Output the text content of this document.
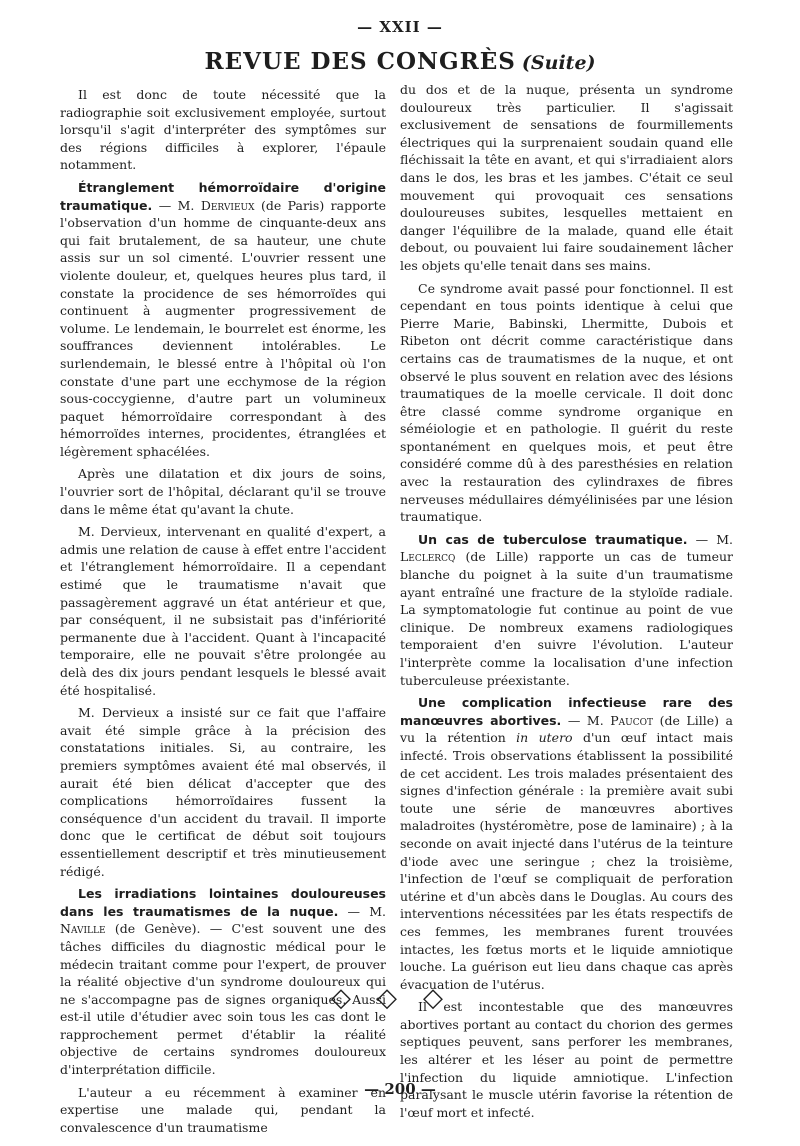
— XXII —
REVUE DES CONGRÈS (Suite)

Il est donc de toute nécessité que la radiographie soit exclusivement employée, surtout lorsqu'il s'agit d'interpréter des symptômes sur des régions difficiles à explorer, l'épaule notamment.

Étranglement hémorroïdaire d'origine traumatique. — M. Dervieux (de Paris) rapporte l'observation d'un homme de cinquante-deux ans qui fait brutalement, de sa hauteur, une chute assis sur un sol cimenté. L'ouvrier ressent une violente douleur, et, quelques heures plus tard, il constate la procidence de ses hémorroïdes qui continuent à augmenter progressivement de volume. Le lendemain, le bourrelet est énorme, les souffrances deviennent intolérables. Le surlendemain, le blessé entre à l'hôpital où l'on constate d'une part une ecchymose de la région sous-coccygienne, d'autre part un volumineux paquet hémorroïdaire correspondant à des hémorroïdes internes, procidentes, étranglées et légèrement sphacélées.

Après une dilatation et dix jours de soins, l'ouvrier sort de l'hôpital, déclarant qu'il se trouve dans le même état qu'avant la chute.

M. Dervieux, intervenant en qualité d'expert, a admis une relation de cause à effet entre l'accident et l'étranglement hémorroïdaire. Il a cependant estimé que le traumatisme n'avait que passagèrement aggravé un état antérieur et que, par conséquent, il ne subsistait pas d'infériorité permanente due à l'accident. Quant à l'incapacité temporaire, elle ne pouvait s'être prolongée au delà des dix jours pendant lesquels le blessé avait été hospitalisé.

M. Dervieux a insisté sur ce fait que l'affaire avait été simple grâce à la précision des constatations initiales. Si, au contraire, les premiers symptômes avaient été mal observés, il aurait été bien délicat d'accepter que des complications hémorroïdaires fussent la conséquence d'un accident du travail. Il importe donc que le certificat de début soit toujours essentiellement descriptif et très minutieusement rédigé.

Les irradiations lointaines douloureuses dans les traumatismes de la nuque. — M. Naville (de Genève). — C'est souvent une des tâches difficiles du diagnostic médical pour le médecin traitant comme pour l'expert, de prouver la réalité objective d'un syndrome douloureux qui ne s'accompagne pas de signes organiques. Aussi est-il utile d'étudier avec soin tous les cas dont le rapprochement permet d'établir la réalité objective de certains syndromes douloureux d'interprétation difficile.

L'auteur a eu récemment à examiner en expertise une malade qui, pendant la convalescence d'un traumatisme

du dos et de la nuque, présenta un syndrome douloureux très particulier. Il s'agissait exclusivement de sensations de fourmillements électriques qui la surprenaient soudain quand elle fléchissait la tête en avant, et qui s'irradiaient alors dans le dos, les bras et les jambes. C'était ce seul mouvement qui provoquait ces sensations douloureuses subites, lesquelles mettaient en danger l'équilibre de la malade, quand elle était debout, ou pouvaient lui faire soudainement lâcher les objets qu'elle tenait dans ses mains.

Ce syndrome avait passé pour fonctionnel. Il est cependant en tous points identique à celui que Pierre Marie, Babinski, Lhermitte, Dubois et Ribeton ont décrit comme caractéristique dans certains cas de traumatismes de la nuque, et ont observé le plus souvent en relation avec des lésions traumatiques de la moelle cervicale. Il doit donc être classé comme syndrome organique en séméiologie et en pathologie. Il guérit du reste spontanément en quelques mois, et peut être considéré comme dû à des paresthésies en relation avec la restauration des cylindraxes de fibres nerveuses médullaires démyélinisées par une lésion traumatique.

Un cas de tuberculose traumatique. — M. Leclercq (de Lille) rapporte un cas de tumeur blanche du poignet à la suite d'un traumatisme ayant entraîné une fracture de la styloïde radiale. La symptomatologie fut continue au point de vue clinique. De nombreux examens radiologiques temporaient d'en suivre l'évolution. L'auteur l'interprète comme la localisation d'une infection tuberculeuse préexistante.

Une complication infectieuse rare des manœuvres abortives. — M. Paucot (de Lille) a vu la rétention in utero d'un œuf intact mais infecté. Trois observations établissent la possibilité de cet accident. Les trois malades présentaient des signes d'infection générale : la première avait subi toute une série de manœuvres abortives maladroites (hystéromètre, pose de laminaire) ; à la seconde on avait injecté dans l'utérus de la teinture d'iode avec une seringue ; chez la troisième, l'infection de l'œuf se compliquait de perforation utérine et d'un abcès dans le Douglas. Au cours des interventions nécessitées par les états respectifs de ces femmes, les membranes furent trouvées intactes, les fœtus morts et le liquide amniotique louche. La guérison eut lieu dans chaque cas après évacuation de l'utérus.

Il est incontestable que des manœuvres abortives portant au contact du chorion des germes septiques peuvent, sans perforer les membranes, les altérer et les léser au point de permettre l'infection du liquide amniotique. L'infection paralysant le muscle utérin favorise la rétention de l'œuf mort et infecté.

◇◇◇
— 200 —
